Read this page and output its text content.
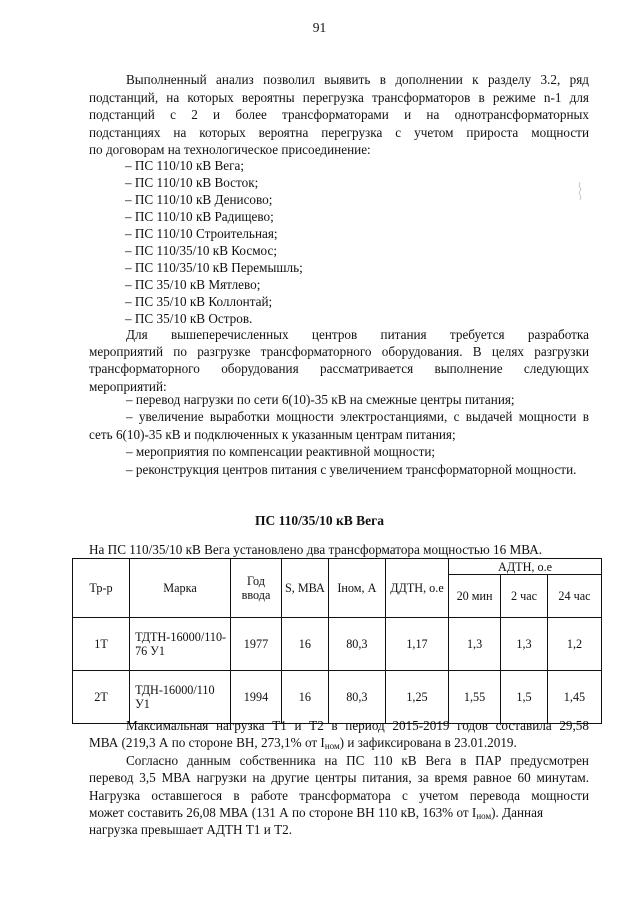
91
Выполненный анализ позволил выявить в дополнении к разделу 3.2, ряд
подстанций, на которых вероятны перегрузка трансформаторов в режиме n-1 для
подстанций с 2 и более трансформаторами и на однотрансформаторных
подстанциях на которых вероятна перегрузка с учетом прироста мощности
по договорам на технологическое присоединение:
– ПС 110/10 кВ Вега;
– ПС 110/10 кВ Восток;
– ПС 110/10 кВ Денисово;
– ПС 110/10 кВ Радищево;
– ПС 110/10 Строительная;
– ПС 110/35/10 кВ Космос;
– ПС 110/35/10 кВ Перемышль;
– ПС 35/10 кВ Мятлево;
– ПС 35/10 кВ Коллонтай;
– ПС 35/10 кВ Остров.
Для вышеперечисленных центров питания требуется разработка
мероприятий по разгрузке трансформаторного оборудования. В целях разгрузки
трансформаторного оборудования рассматривается выполнение следующих
мероприятий:
– перевод нагрузки по сети 6(10)-35 кВ на смежные центры питания;
– увеличение выработки мощности электростанциями, с выдачей мощности в сеть 6(10)-35 кВ и подключенных к указанным центрам питания;
– мероприятия по компенсации реактивной мощности;
– реконструкция центров питания с увеличением трансформаторной мощности.
ПС 110/35/10 кВ Вега
На ПС 110/35/10 кВ Вега установлено два трансформатора мощностью 16 МВА.
Тр-р	Марка	Год ввода	S, МВА	Iном, А	ДДТН, о.е	АДТН, о.е		
						20 мин	2 час	24 час
1Т	ТДТН-16000/110-76 У1	1977	16	80,3	1,17	1,3	1,3	1,2
2Т	ТДН-16000/110 У1	1994	16	80,3	1,25	1,55	1,5	1,45
Максимальная нагрузка Т1 и Т2 в период 2015-2019 годов составила 29,58
МВА (219,3 А по стороне ВН, 273,1% от $I_{ном}$) и зафиксирована в 23.01.2019.
Согласно данным собственника на ПС 110 кВ Вега в ПАР предусмотрен
перевод 3,5 МВА нагрузки на другие центры питания, за время равное 60 минутам.
Нагрузка оставшегося в работе трансформатора с учетом перевода мощности
может составить 26,08 МВА (131 А по стороне ВН 110 кВ, 163% от $I_{ном}$). Данная
нагрузка превышает АДТН Т1 и Т2.
